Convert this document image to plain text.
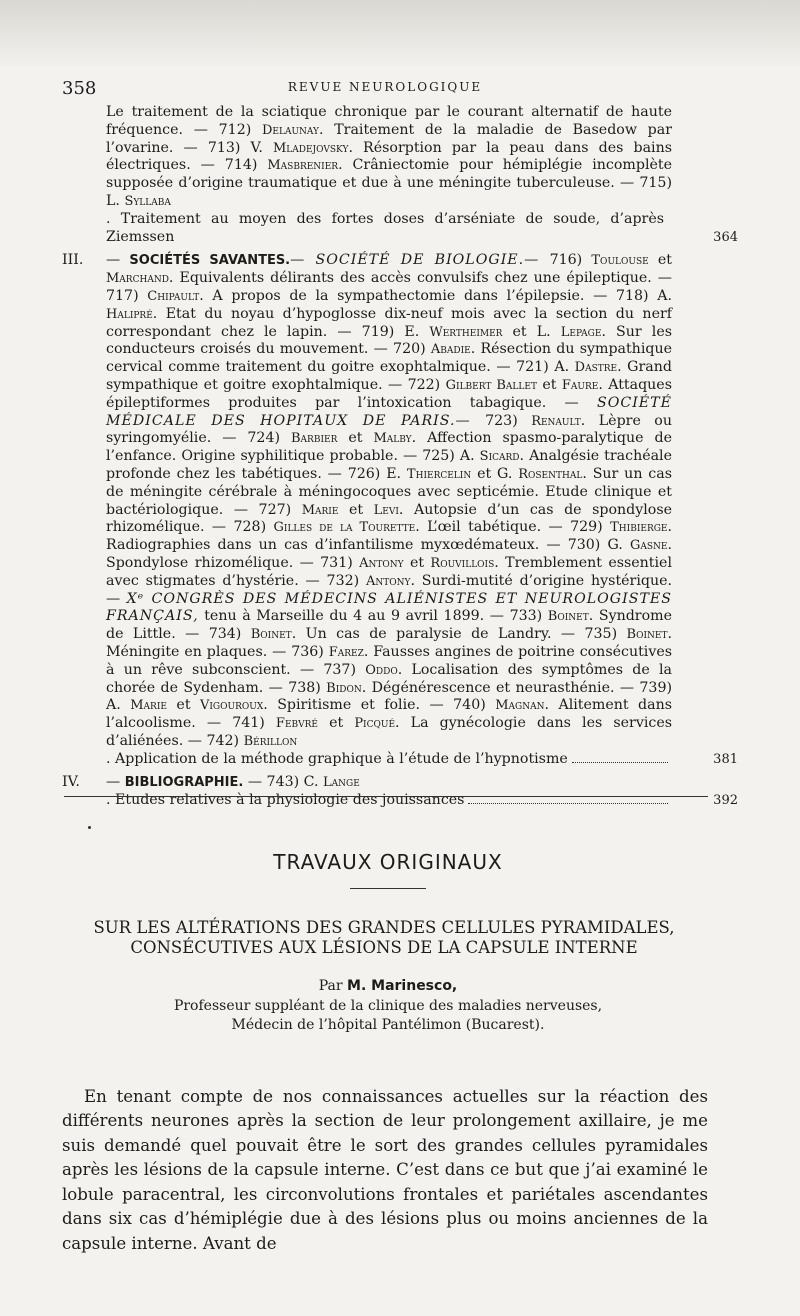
358	REVUE NEUROLOGIQUE
Le traitement de la sciatique chronique par le courant alternatif de haute fréquence. — 712) Delaunay. Traitement de la maladie de Basedow par l’ovarine. — 713) V. Mladejovsky. Résorption par la peau dans des bains électriques. — 714) Masbrenier. Crâniectomie pour hémiplégie incomplète supposée d’origine traumatique et due à une méningite tuberculeuse. — 715) L. Syllaba
. Traitement au moyen des fortes doses d’arséniate de soude, d’après Ziemssen	364
III. — SOCIÉTÉS SAVANTES.— SOCIÉTÉ DE BIOLOGIE.— 716) Toulouse et Marchand. Equivalents délirants des accès convulsifs chez une épileptique. — 717) Chipault. A propos de la sympathectomie dans l’épilepsie. — 718) A. Halipré. Etat du noyau d’hypoglosse dix-neuf mois avec la section du nerf correspondant chez le lapin. — 719) E. Wertheimer et L. Lepage. Sur les conducteurs croisés du mouvement. — 720) Abadie. Résection du sympathique cervical comme traitement du goitre exophtalmique. — 721) A. Dastre. Grand sympathique et goitre exophtalmique. — 722) Gilbert Ballet et Faure. Attaques épileptiformes produites par l’intoxication tabagique. — SOCIÉTÉ MÉDICALE DES HOPITAUX DE PARIS.— 723) Renault. Lèpre ou syringomyélie. — 724) Barbier et Malby. Affection spasmo-paralytique de l’enfance. Origine syphilitique probable. — 725) A. Sicard. Analgésie trachéale profonde chez les tabétiques. — 726) E. Thiercelin et G. Rosenthal. Sur un cas de méningite cérébrale à méningocoques avec septicémie. Etude clinique et bactériologique. — 727) Marie et Levi. Autopsie d’un cas de spondylose rhizomélique. — 728) Gilles de la Tourette. L’œil tabétique. — 729) Thibierge. Radiographies dans un cas d’infantilisme myxœdémateux. — 730) G. Gasne. Spondylose rhizomélique. — 731) Antony et Rouvillois. Tremblement essentiel avec stigmates d’hystérie. — 732) Antony. Surdi-mutité d’origine hystérique. — Xᵉ CONGRÈS DES MÉDECINS ALIÉNISTES ET NEUROLOGISTES FRANÇAIS, tenu à Marseille du 4 au 9 avril 1899. — 733) Boinet. Syndrome de Little. — 734) Boinet. Un cas de paralysie de Landry. — 735) Boinet. Méningite en plaques. — 736) Farez. Fausses angines de poitrine consécutives à un rêve subconscient. — 737) Oddo. Localisation des symptômes de la chorée de Sydenham. — 738) Bidon. Dégénérescence et neurasthénie. — 739) A. Marie et Vigouroux. Spiritisme et folie. — 740) Magnan. Alitement dans l’alcoolisme. — 741) Febvré et Picqué. La gynécologie dans les services d’aliénées. — 742) Bérillon
. Application de la méthode graphique à l’étude de l’hypnotisme	381
IV. — BIBLIOGRAPHIE. — 743) C. Lange
. Etudes relatives à la physiologie des jouissances	392
TRAVAUX ORIGINAUX
SUR LES ALTÉRATIONS DES GRANDES CELLULES PYRAMIDALES,
CONSÉCUTIVES AUX LÉSIONS DE LA CAPSULE INTERNE
Par M. Marinesco,
Professeur suppléant de la clinique des maladies nerveuses,
Médecin de l’hôpital Pantélimon (Bucarest).

En tenant compte de nos connaissances actuelles sur la réaction des différents neurones après la section de leur prolongement axillaire, je me suis demandé quel pouvait être le sort des grandes cellules pyramidales après les lésions de la capsule interne. C’est dans ce but que j’ai examiné le lobule paracentral, les circonvolutions frontales et pariétales ascendantes dans six cas d’hémiplégie due à des lésions plus ou moins anciennes de la capsule interne. Avant de
